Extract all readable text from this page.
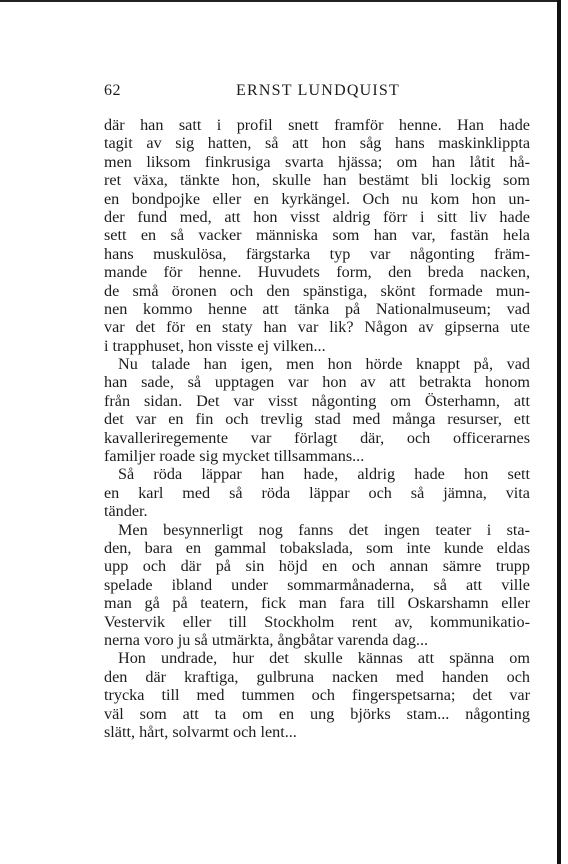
62	ERNST LUNDQUIST
där han satt i profil snett framför henne. Han hade
tagit av sig hatten, så att hon såg hans maskinklippta
men liksom finkrusiga svarta hjässa; om han låtit hå-
ret växa, tänkte hon, skulle han bestämt bli lockig som
en bondpojke eller en kyrkängel. Och nu kom hon un-
der fund med, att hon visst aldrig förr i sitt liv hade
sett en så vacker människa som han var, fastän hela
hans muskulösa, färgstarka typ var någonting främ-
mande för henne. Huvudets form, den breda nacken,
de små öronen och den spänstiga, skönt formade mun-
nen kommo henne att tänka på Nationalmuseum; vad
var det för en staty han var lik? Någon av gipserna ute
i trapphuset, hon visste ej vilken...
Nu talade han igen, men hon hörde knappt på, vad
han sade, så upptagen var hon av att betrakta honom
från sidan. Det var visst någonting om Österhamn, att
det var en fin och trevlig stad med många resurser, ett
kavalleriregemente var förlagt där, och officerarnes
familjer roade sig mycket tillsammans...
Så röda läppar han hade, aldrig hade hon sett
en karl med så röda läppar och så jämna, vita
tänder.
Men besynnerligt nog fanns det ingen teater i sta-
den, bara en gammal tobakslada, som inte kunde eldas
upp och där på sin höjd en och annan sämre trupp
spelade ibland under sommarmånaderna, så att ville
man gå på teatern, fick man fara till Oskarshamn eller
Vestervik eller till Stockholm rent av, kommunikatio-
nerna voro ju så utmärkta, ångbåtar varenda dag...
Hon undrade, hur det skulle kännas att spänna om
den där kraftiga, gulbruna nacken med handen och
trycka till med tummen och fingerspetsarna; det var
väl som att ta om en ung björks stam... någonting
slätt, hårt, solvarmt och lent...
